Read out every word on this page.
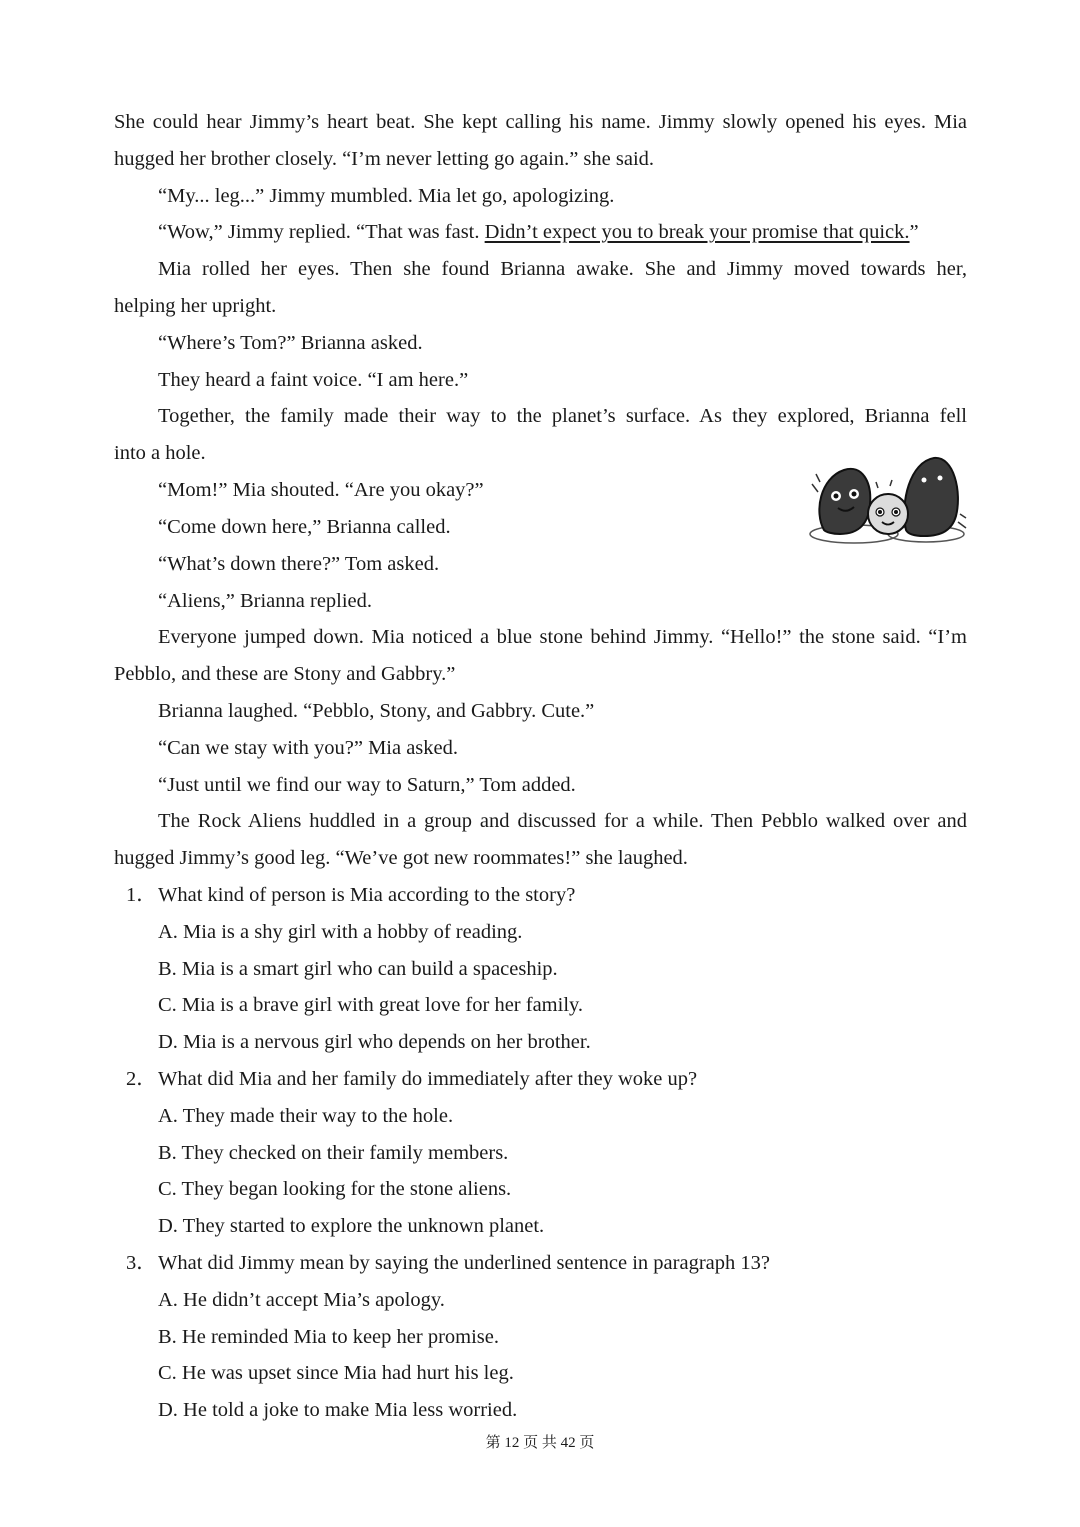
She could hear Jimmy’s heart beat. She kept calling his name. Jimmy slowly opened his eyes. Mia
hugged her brother closely. “I’m never letting go again.” she said.
“My... leg...” Jimmy mumbled. Mia let go, apologizing.
“Wow,” Jimmy replied. “That was fast. Didn’t expect you to break your promise that quick.”
Mia rolled her eyes. Then she found Brianna awake. She and Jimmy moved towards her,
helping her upright.
“Where’s Tom?” Brianna asked.
They heard a faint voice. “I am here.”
Together, the family made their way to the planet’s surface. As they explored, Brianna fell
into a hole.
“Mom!” Mia shouted. “Are you okay?”
“Come down here,” Brianna called.
“What’s down there?” Tom asked.
“Aliens,” Brianna replied.
Everyone jumped down. Mia noticed a blue stone behind Jimmy. “Hello!” the stone said. “I’m
Pebblo, and these are Stony and Gabbry.”
Brianna laughed. “Pebblo, Stony, and Gabbry. Cute.”
“Can we stay with you?” Mia asked.
“Just until we find our way to Saturn,” Tom added.
The Rock Aliens huddled in a group and discussed for a while. Then Pebblo walked over and
hugged Jimmy’s good leg. “We’ve got new roommates!” she laughed.
1．What kind of person is Mia according to the story?
A. Mia is a shy girl with a hobby of reading.
B. Mia is a smart girl who can build a spaceship.
C. Mia is a brave girl with great love for her family.
D. Mia is a nervous girl who depends on her brother.
2．What did Mia and her family do immediately after they woke up?
A. They made their way to the hole.
B. They checked on their family members.
C. They began looking for the stone aliens.
D. They started to explore the unknown planet.
3．What did Jimmy mean by saying the underlined sentence in paragraph 13?
A. He didn’t accept Mia’s apology.
B. He reminded Mia to keep her promise.
C. He was upset since Mia had hurt his leg.
D. He told a joke to make Mia less worried.
第 12 页 共 42 页
